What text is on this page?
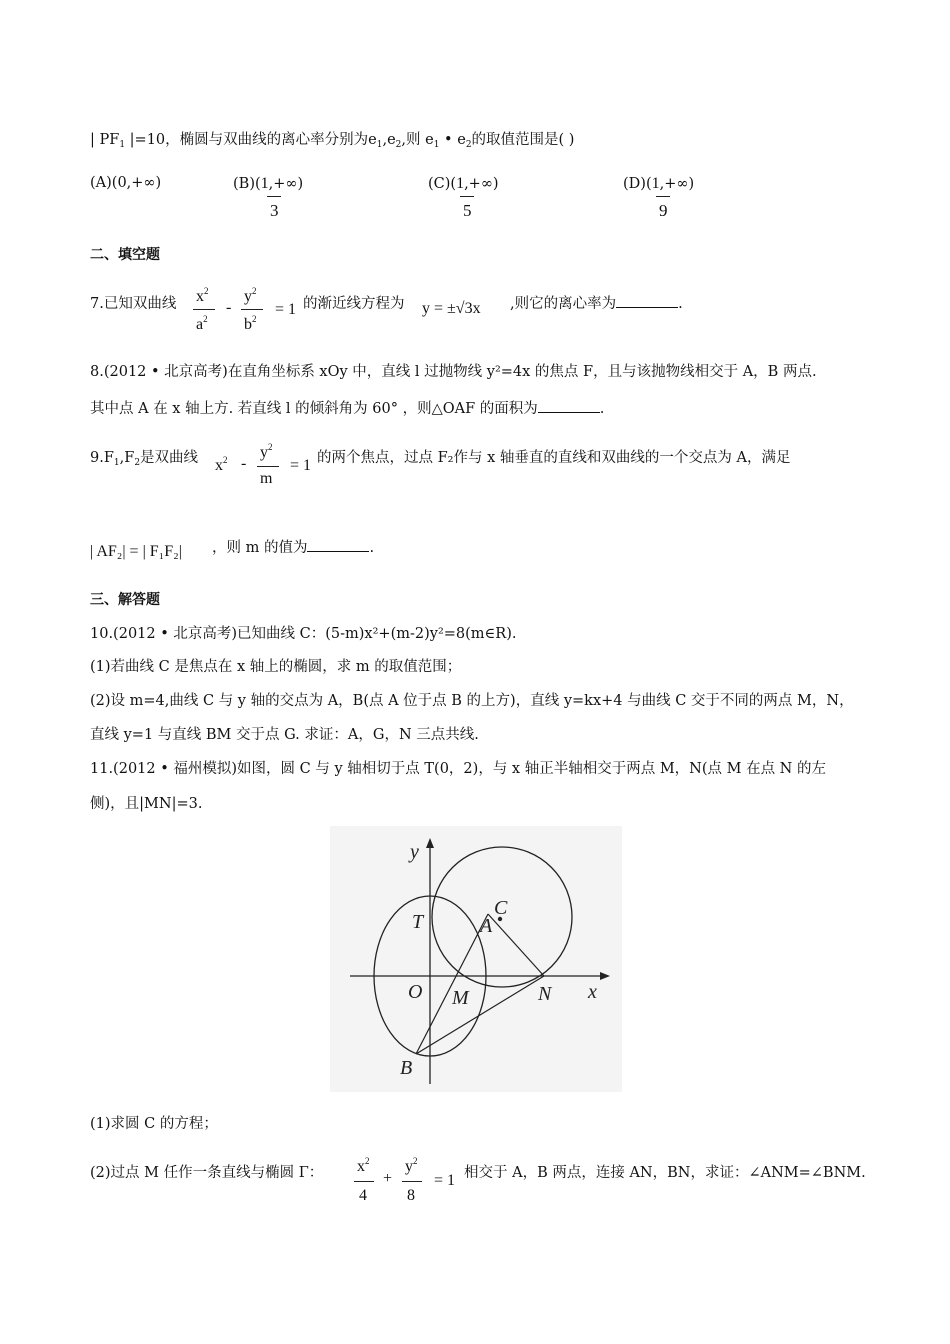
| $PF_1$ |=10，椭圆与双曲线的离心率分别为$e_1,e_2$,则 $e_1$ • $e_2$的取值范围是( )
(A)(0,+∞)	(B)(1,+∞)
3
(C)(1,+∞)
5
(D)(1,+∞)
9
二、填空题
7.已知双曲线 $x^2$
$a^2$
-
$y^2$
$b^2$
= 1 的渐近线方程为 y = ±√3x ,则它的离心率为	.
8.(2012 • 北京高考)在直角坐标系 xOy 中，直线 l 过抛物线 y²=4x 的焦点 F，且与该抛物线相交于 A，B 两点.
其中点 A 在 x 轴上方. 若直线 l 的倾斜角为 60° ，则△OAF 的面积为	.
$9.F_1,F_2$是双曲线 $x^2$ -
$y^2$
m
= 1 的两个焦点，过点 F₂作与 x 轴垂直的直线和双曲线的一个交点为 A，满足
| AF₂| = | F₁F₂| ，则 m 的值为	.
三、解答题
10.(2012 • 北京高考)已知曲线 C：(5-m)x²+(m-2)y²=8(m∈R).
(1)若曲线 C 是焦点在 x 轴上的椭圆，求 m 的取值范围；
(2)设 m=4,曲线 C 与 y 轴的交点为 A，B(点 A 位于点 B 的上方)，直线 y=kx+4 与曲线 C 交于不同的两点 M，N，
直线 y=1 与直线 BM 交于点 G. 求证：A，G，N 三点共线.
11.(2012 • 福州模拟)如图，圆 C 与 y 轴相切于点 T(0，2)，与 x 轴正半轴相交于两点 M，N(点 M 在点 N 的左
侧)，且|MN|=3.
y
T
C
A
O M	N x
B
(1)求圆 C 的方程；
(2)过点 M 任作一条直线与椭圆 Γ： $x^2$
4
+
$y^2$
8
= 1 相交于 A，B 两点，连接 AN，BN，求证：∠ANM=∠BNM.
